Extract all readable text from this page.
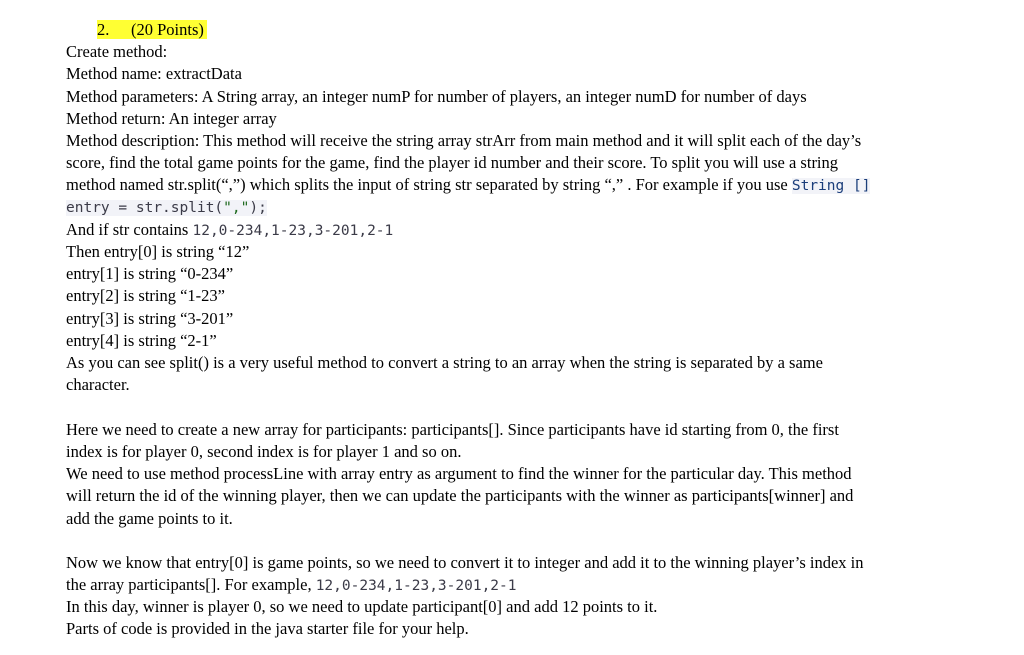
2. (20 Points)
Create method:
Method name: extractData
Method parameters: A String array, an integer numP for number of players, an integer numD for number of days
Method return: An integer array
Method description: This method will receive the string array strArr from main method and it will split each of the day’s
score, find the total game points for the game, find the player id number and their score. To split you will use a string
method named str.split(“,”) which splits the input of string str separated by string “,” . For example if you use String []
entry = str.split(",");
And if str contains 12,0-234,1-23,3-201,2-1
Then entry[0] is string “12”
entry[1] is string “0-234”
entry[2] is string “1-23”
entry[3] is string “3-201”
entry[4] is string “2-1”
As you can see split() is a very useful method to convert a string to an array when the string is separated by a same
character.
Here we need to create a new array for participants: participants[]. Since participants have id starting from 0, the first
index is for player 0, second index is for player 1 and so on.
We need to use method processLine with array entry as argument to find the winner for the particular day. This method
will return the id of the winning player, then we can update the participants with the winner as participants[winner] and
add the game points to it.
Now we know that entry[0] is game points, so we need to convert it to integer and add it to the winning player’s index in
the array participants[]. For example, 12,0-234,1-23,3-201,2-1
In this day, winner is player 0, so we need to update participant[0] and add 12 points to it.
Parts of code is provided in the java starter file for your help.
